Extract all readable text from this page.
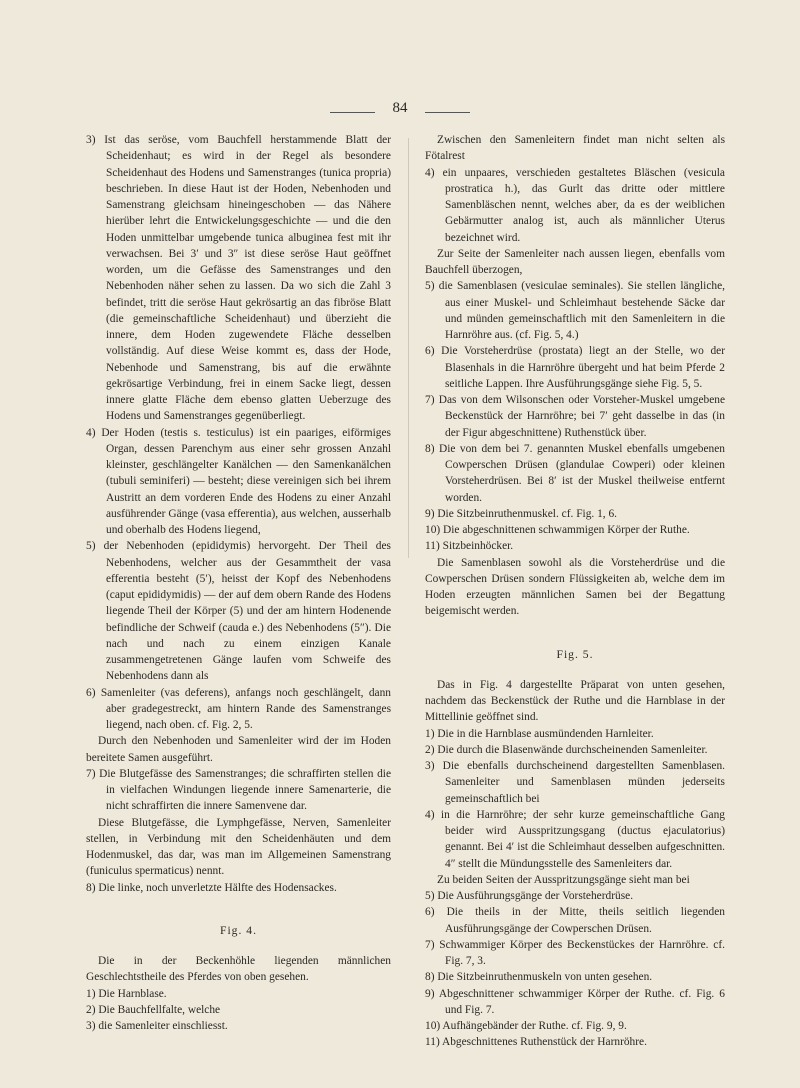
84

3) Ist das seröse, vom Bauchfell herstammende Blatt der Scheidenhaut; es wird in der Regel als besondere Scheidenhaut des Hodens und Samenstranges (tunica propria) beschrieben. In diese Haut ist der Hoden, Nebenhoden und Samenstrang gleichsam hineingeschoben — das Nähere hierüber lehrt die Entwickelungsgeschichte — und die den Hoden unmittelbar umgebende tunica albuginea fest mit ihr verwachsen. Bei 3′ und 3″ ist diese seröse Haut geöffnet worden, um die Gefässe des Samenstranges und den Nebenhoden näher sehen zu lassen. Da wo sich die Zahl 3 befindet, tritt die seröse Haut gekrösartig an das fibröse Blatt (die gemeinschaftliche Scheidenhaut) und überzieht die innere, dem Hoden zugewendete Fläche desselben vollständig. Auf diese Weise kommt es, dass der Hode, Nebenhode und Samenstrang, bis auf die erwähnte gekrösartige Verbindung, frei in einem Sacke liegt, dessen innere glatte Fläche dem ebenso glatten Ueberzuge des Hodens und Samenstranges gegenüberliegt.

4) Der Hoden (testis s. testiculus) ist ein paariges, eiförmiges Organ, dessen Parenchym aus einer sehr grossen Anzahl kleinster, geschlängelter Kanälchen — den Samenkanälchen (tubuli seminiferi) — besteht; diese vereinigen sich bei ihrem Austritt an dem vorderen Ende des Hodens zu einer Anzahl ausführender Gänge (vasa efferentia), aus welchen, ausserhalb und oberhalb des Hodens liegend,

5) der Nebenhoden (epididymis) hervorgeht. Der Theil des Nebenhodens, welcher aus der Gesammtheit der vasa efferentia besteht (5′), heisst der Kopf des Nebenhodens (caput epididymidis) — der auf dem obern Rande des Hodens liegende Theil der Körper (5) und der am hintern Hodenende befindliche der Schweif (cauda e.) des Nebenhodens (5″). Die nach und nach zu einem einzigen Kanale zusammengetretenen Gänge laufen vom Schweife des Nebenhodens dann als

6) Samenleiter (vas deferens), anfangs noch geschlängelt, dann aber gradegestreckt, am hintern Rande des Samenstranges liegend, nach oben. cf. Fig. 2, 5.

Durch den Nebenhoden und Samenleiter wird der im Hoden bereitete Samen ausgeführt.

7) Die Blutgefässe des Samenstranges; die schraffirten stellen die in vielfachen Windungen liegende innere Samenarterie, die nicht schraffirten die innere Samenvene dar.

Diese Blutgefässe, die Lymphgefässe, Nerven, Samenleiter stellen, in Verbindung mit den Scheidenhäuten und dem Hodenmuskel, das dar, was man im Allgemeinen Samenstrang (funiculus spermaticus) nennt.

8) Die linke, noch unverletzte Hälfte des Hodensackes.

Fig. 4.

Die in der Beckenhöhle liegenden männlichen Geschlechtstheile des Pferdes von oben gesehen.

1) Die Harnblase.

2) Die Bauchfellfalte, welche

3) die Samenleiter einschliesst.

Zwischen den Samenleitern findet man nicht selten als Fötalrest

4) ein unpaares, verschieden gestaltetes Bläschen (vesicula prostratica h.), das Gurlt das dritte oder mittlere Samenbläschen nennt, welches aber, da es der weiblichen Gebärmutter analog ist, auch als männlicher Uterus bezeichnet wird.

Zur Seite der Samenleiter nach aussen liegen, ebenfalls vom Bauchfell überzogen,

5) die Samenblasen (vesiculae seminales). Sie stellen längliche, aus einer Muskel- und Schleimhaut bestehende Säcke dar und münden gemeinschaftlich mit den Samenleitern in die Harnröhre aus. (cf. Fig. 5, 4.)

6) Die Vorsteherdrüse (prostata) liegt an der Stelle, wo der Blasenhals in die Harnröhre übergeht und hat beim Pferde 2 seitliche Lappen. Ihre Ausführungsgänge siehe Fig. 5, 5.

7) Das von dem Wilsonschen oder Vorsteher-Muskel umgebene Beckenstück der Harnröhre; bei 7′ geht dasselbe in das (in der Figur abgeschnittene) Ruthenstück über.

8) Die von dem bei 7. genannten Muskel ebenfalls umgebenen Cowperschen Drüsen (glandulae Cowperi) oder kleinen Vorsteherdrüsen. Bei 8′ ist der Muskel theilweise entfernt worden.

9) Die Sitzbeinruthenmuskel. cf. Fig. 1, 6.

10) Die abgeschnittenen schwammigen Körper der Ruthe.

11) Sitzbeinhöcker.

Die Samenblasen sowohl als die Vorsteherdrüse und die Cowperschen Drüsen sondern Flüssigkeiten ab, welche dem im Hoden erzeugten männlichen Samen bei der Begattung beigemischt werden.

Fig. 5.

Das in Fig. 4 dargestellte Präparat von unten gesehen, nachdem das Beckenstück der Ruthe und die Harnblase in der Mittellinie geöffnet sind.

1) Die in die Harnblase ausmündenden Harnleiter.

2) Die durch die Blasenwände durchscheinenden Samenleiter.

3) Die ebenfalls durchscheinend dargestellten Samenblasen. Samenleiter und Samenblasen münden jederseits gemeinschaftlich bei

4) in die Harnröhre; der sehr kurze gemeinschaftliche Gang beider wird Ausspritzungsgang (ductus ejaculatorius) genannt. Bei 4′ ist die Schleimhaut desselben aufgeschnitten. 4″ stellt die Mündungsstelle des Samenleiters dar.

Zu beiden Seiten der Ausspritzungsgänge sieht man bei

5) Die Ausführungsgänge der Vorsteherdrüse.

6) Die theils in der Mitte, theils seitlich liegenden Ausführungsgänge der Cowperschen Drüsen.

7) Schwammiger Körper des Beckenstückes der Harnröhre. cf. Fig. 7, 3.

8) Die Sitzbeinruthenmuskeln von unten gesehen.

9) Abgeschnittener schwammiger Körper der Ruthe. cf. Fig. 6 und Fig. 7.

10) Aufhängebänder der Ruthe. cf. Fig. 9, 9.

11) Abgeschnittenes Ruthenstück der Harnröhre.
